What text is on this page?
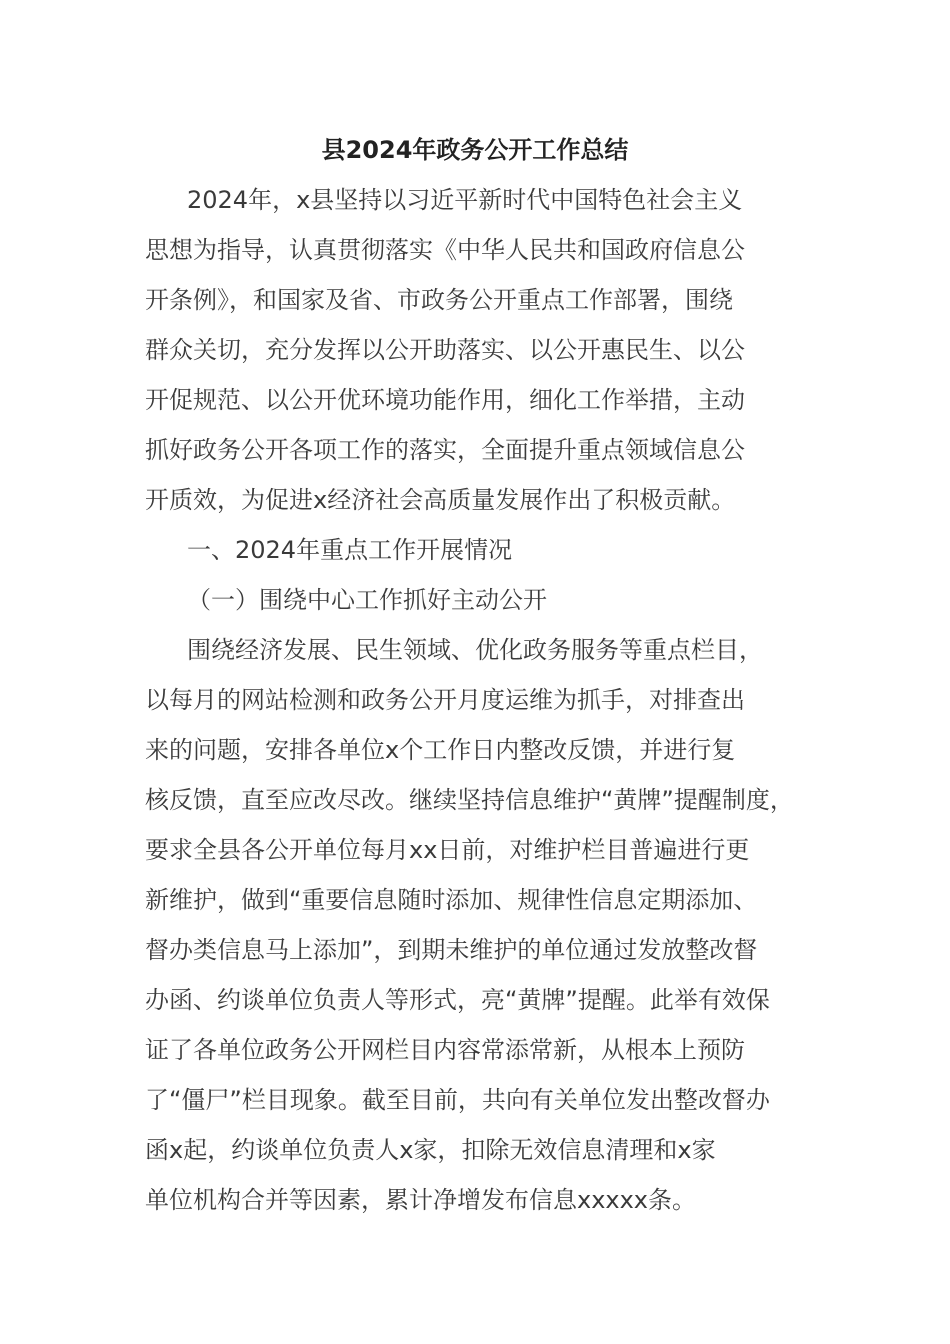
县2024年政务公开工作总结

2024年，x县坚持以习近平新时代中国特色社会主义

思想为指导，认真贯彻落实《中华人民共和国政府信息公

开条例》，和国家及省、市政务公开重点工作部署，围绕

群众关切，充分发挥以公开助落实、以公开惠民生、以公

开促规范、以公开优环境功能作用，细化工作举措，主动

抓好政务公开各项工作的落实，全面提升重点领域信息公

开质效，为促进x经济社会高质量发展作出了积极贡献。

一、2024年重点工作开展情况

（一）围绕中心工作抓好主动公开

围绕经济发展、民生领域、优化政务服务等重点栏目，

以每月的网站检测和政务公开月度运维为抓手，对排查出

来的问题，安排各单位x个工作日内整改反馈，并进行复

核反馈，直至应改尽改。继续坚持信息维护“黄牌”提醒制度，

要求全县各公开单位每月xx日前，对维护栏目普遍进行更

新维护，做到“重要信息随时添加、规律性信息定期添加、

督办类信息马上添加”，到期未维护的单位通过发放整改督

办函、约谈单位负责人等形式，亮“黄牌”提醒。此举有效保

证了各单位政务公开网栏目内容常添常新，从根本上预防

了“僵尸”栏目现象。截至目前，共向有关单位发出整改督办

函x起，约谈单位负责人x家，扣除无效信息清理和x家

单位机构合并等因素，累计净增发布信息xxxxx条。
